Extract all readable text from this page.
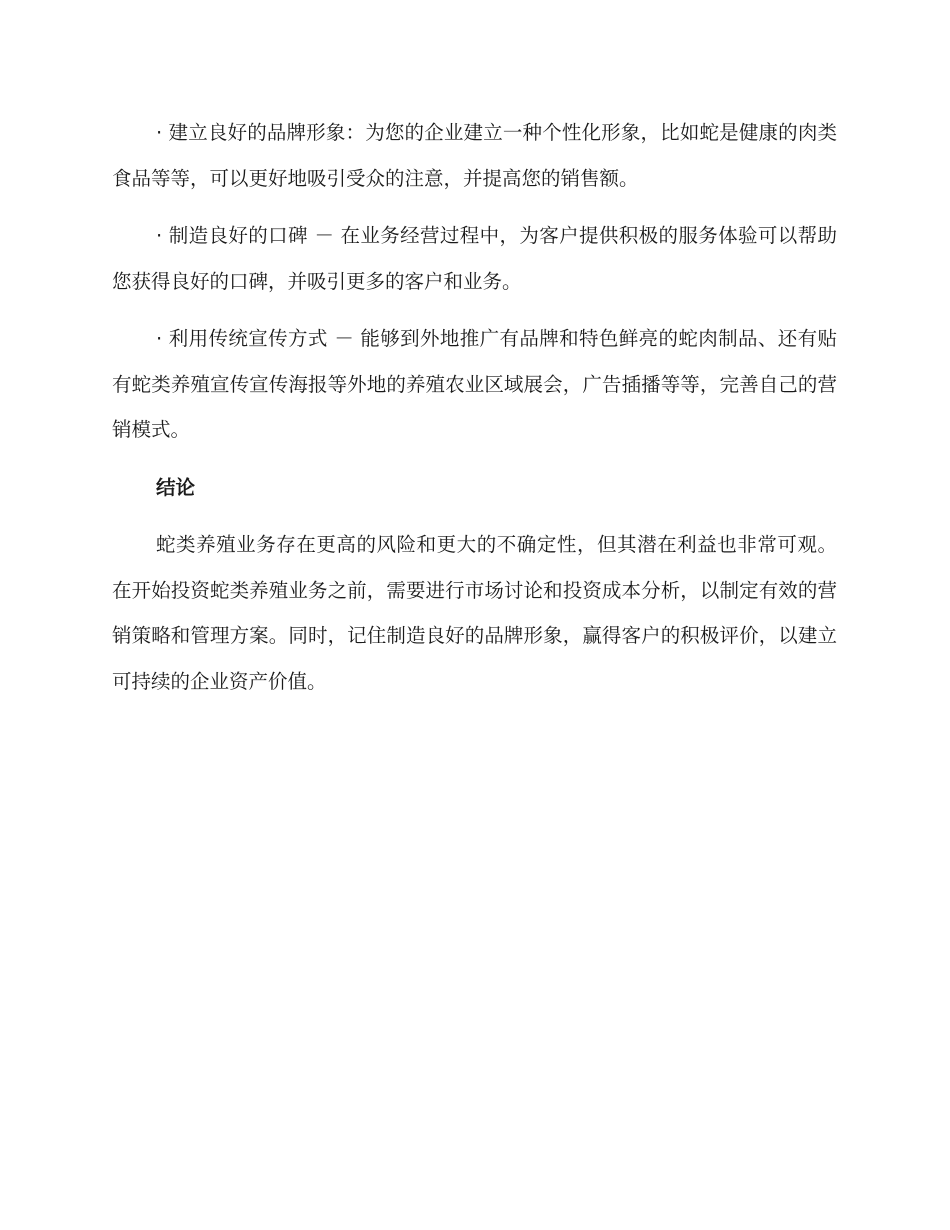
· 建立良好的品牌形象：为您的企业建立一种个性化形象，比如蛇是健康的肉类食品等等，可以更好地吸引受众的注意，并提高您的销售额。

· 制造良好的口碑 － 在业务经营过程中，为客户提供积极的服务体验可以帮助您获得良好的口碑，并吸引更多的客户和业务。

· 利用传统宣传方式 － 能够到外地推广有品牌和特色鲜亮的蛇肉制品、还有贴有蛇类养殖宣传宣传海报等外地的养殖农业区域展会，广告插播等等，完善自己的营销模式。

结论

蛇类养殖业务存在更高的风险和更大的不确定性，但其潜在利益也非常可观。在开始投资蛇类养殖业务之前，需要进行市场讨论和投资成本分析，以制定有效的营销策略和管理方案。同时，记住制造良好的品牌形象，赢得客户的积极评价，以建立可持续的企业资产价值。
